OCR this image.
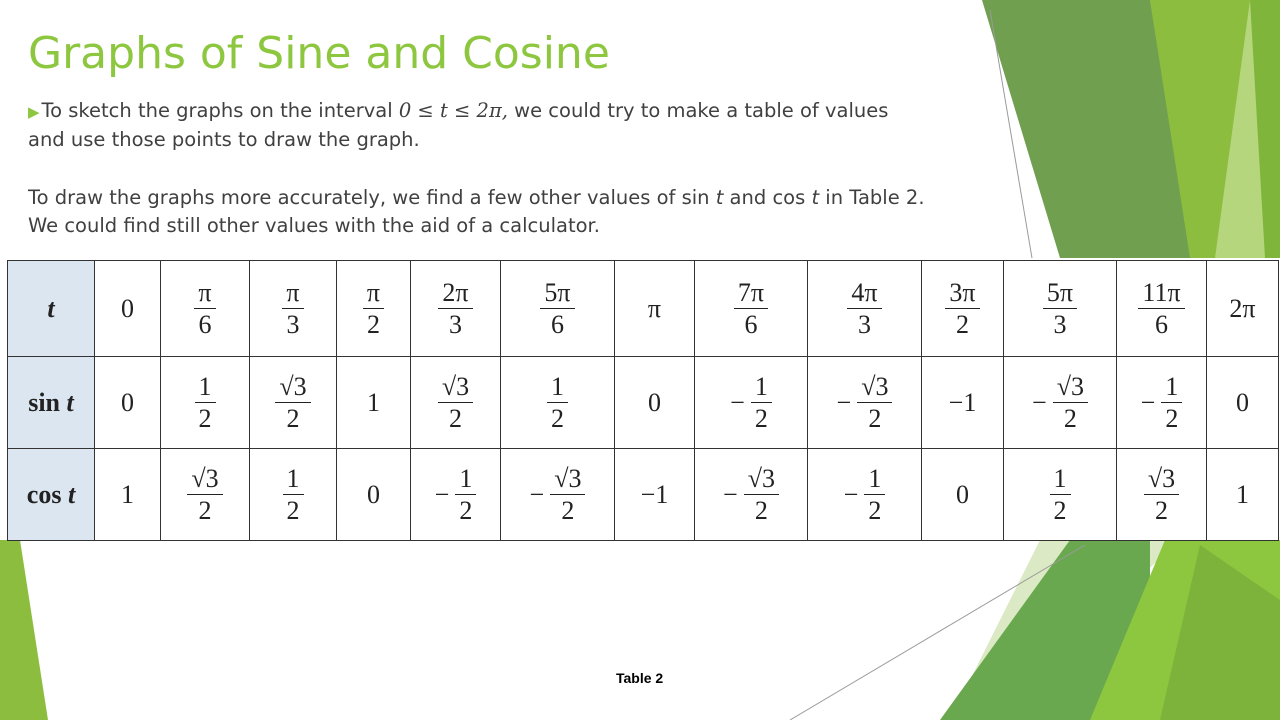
Graphs of Sine and Cosine

▶ To sketch the graphs on the interval 0 ≤ t ≤ 2π, we could try to make a table of values and use those points to draw the graph.

To draw the graphs more accurately, we find a few other values of sin t and cos t in Table 2. We could find still other values with the aid of a calculator.

t	0	$\frac{\pi}{6}$	$\frac{\pi}{3}$	$\frac{\pi}{2}$	$\frac{2\pi}{3}$	$\frac{5\pi}{6}$	π	$\frac{7\pi}{6}$	$\frac{4\pi}{3}$	$\frac{3\pi}{2}$	$\frac{5\pi}{3}$	$\frac{11\pi}{6}$	2π
sin t	0	$\frac{1}{2}$	$\frac{√3}{2}$	1	$\frac{√3}{2}$	$\frac{1}{2}$	0	− $\frac{1}{2}$	− $\frac{√3}{2}$	−1	− $\frac{√3}{2}$	− $\frac{1}{2}$	0
cos t	1	$\frac{√3}{2}$	$\frac{1}{2}$	0	− $\frac{1}{2}$	− $\frac{√3}{2}$	−1	− $\frac{√3}{2}$	− $\frac{1}{2}$	0	$\frac{1}{2}$	$\frac{√3}{2}$	1
Table 2
